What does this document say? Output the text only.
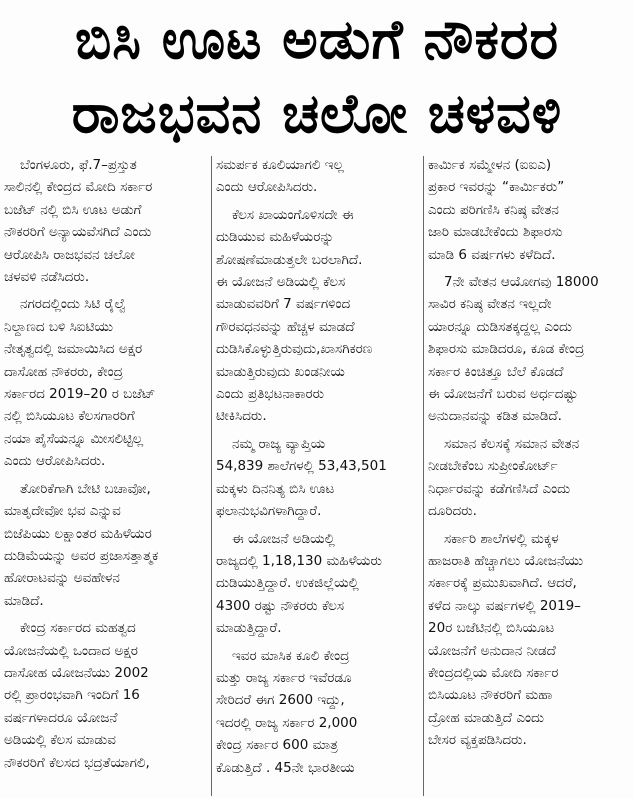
ಬಿಸಿ ಊಟ ಅಡುಗೆ ನೌಕರರ
ರಾಜಭವನ ಚಲೋ ಚಳವಳಿ
ಬೆಂಗಳೂರು, ಫೆ.7–ಪ್ರಸ್ತುತ
ಸಾಲಿನಲ್ಲಿ ಕೇಂದ್ರದ ಮೋದಿ ಸರ್ಕಾರ
ಬಜೆಟ್ ನಲ್ಲಿ ಬಿಸಿ ಊಟ ಅಡುಗೆ
ನೌಕರರಿಗೆ ಅನ್ಯಾಯವೆಸಗಿದೆ ಎಂದು
ಆರೋಪಿಸಿ ರಾಜಭವನ ಚಲೋ
ಚಳವಳಿ ನಡೆಸಿದರು.
ನಗರದಲ್ಲಿಂದು ಸಿಟಿ ರೈಲ್ವೆ
ನಿಲ್ದಾಣದ ಬಳಿ ಸಿಐಟಿಯು
ನೇತೃತ್ವದಲ್ಲಿ ಜಮಾಯಿಸಿದ ಅಕ್ಷರ
ದಾಸೋಹ ನೌಕರರು, ಕೇಂದ್ರ
ಸರ್ಕಾರದ 2019–20 ರ ಬಜೆಟ್
ನಲ್ಲಿ ಬಿಸಿಯೂಟ ಕೆಲಸಗಾರರಿಗೆ
ನಯಾ ಪೈಸೆಯನ್ನೂ ಮೀಸಲಿಟ್ಟಿಲ್ಲ
ಎಂದು ಆರೋಪಿಸಿದರು.
ತೋರಿಕೆಗಾಗಿ ಬೇಟಿ ಬಚಾವೋ,
ಮಾತೃದೇವೋ ಭವ ಎನ್ನುವ
ಬಿಜೆಪಿಯು ಲಕ್ಷಾಂತರ ಮಹಿಳೆಯರ
ದುಡಿಮೆಯನ್ನು ಅವರ ಪ್ರಜಾಸತ್ತಾತ್ಮಕ
ಹೋರಾಟವನ್ನು ಅವಹೇಳನ
ಮಾಡಿದೆ.
ಕೇಂದ್ರ ಸರ್ಕಾರದ ಮಹತ್ವದ
ಯೋಜನೆಯಲ್ಲಿ ಒಂದಾದ ಅಕ್ಷರ
ದಾಸೋಹ ಯೋಜನೆಯು 2002
ರಲ್ಲಿ ಪ್ರಾರಂಭವಾಗಿ ಇಂದಿಗೆ 16
ವರ್ಷಗಳಾದರೂ ಯೋಜನೆ
ಅಡಿಯಲ್ಲಿ ಕೆಲಸ ಮಾಡುವ
ನೌಕರರಿಗೆ ಕೆಲಸದ ಭದ್ರತೆಯಾಗಲಿ,
ಸಮರ್ಪಕ ಕೂಲಿಯಾಗಲಿ ಇಲ್ಲ
ಎಂದು ಆರೋಪಿಸಿದರು.
ಕೆಲಸ ಖಾಯಂಗೊಳಿಸದೇ ಈ
ದುಡಿಯುವ ಮಹಿಳೆಯರನ್ನು
ಶೋಷಣೆಮಾಡುತ್ತಲೇ ಬರಲಾಗಿದೆ.
ಈ ಯೋಜನೆ ಅಡಿಯಲ್ಲಿ ಕೆಲಸ
ಮಾಡುವವರಿಗೆ 7 ವರ್ಷಗಳಿಂದ
ಗೌರವಧನವನ್ನು ಹೆಚ್ಚಳ ಮಾಡದೆ
ದುಡಿಸಿಕೊಳ್ಳುತ್ತಿರುವುದು,ಖಾಸಗಿಕರಣ
ಮಾಡುತ್ತಿರುವುದು ಖಂಡನೀಯ
ಎಂದು ಪ್ರತಿಭಟನಾಕಾರರು
ಟೀಕಿಸಿದರು.
ನಮ್ಮ ರಾಜ್ಯ ವ್ಯಾಪ್ತಿಯ
54,839 ಶಾಲೆಗಳಲ್ಲಿ 53,43,501
ಮಕ್ಕಳು ದಿನನಿತ್ಯ ಬಿಸಿ ಊಟ
ಫಲಾನುಭವಿಗಳಾಗಿದ್ದಾರೆ.
ಈ ಯೋಜನೆ ಅಡಿಯಲ್ಲಿ
ರಾಜ್ಯದಲ್ಲಿ 1,18,130 ಮಹಿಳೆಯರು
ದುಡಿಯುತ್ತಿದ್ದಾರೆ. ಉಕಜಿಲ್ಲೆಯಲ್ಲಿ
4300 ರಷ್ಟು ನೌಕರರು ಕೆಲಸ
ಮಾಡುತ್ತಿದ್ದಾರೆ.
ಇವರ ಮಾಸಿಕ ಕೂಲಿ ಕೇಂದ್ರ
ಮತ್ತು ರಾಜ್ಯ ಸರ್ಕಾರ ಇವೆರಡೂ
ಸೇರಿದರೆ ಈಗ 2600 ಇದ್ದು,
ಇದರಲ್ಲಿ ರಾಜ್ಯ ಸರ್ಕಾರ 2,000
ಕೇಂದ್ರ ಸರ್ಕಾರ 600 ಮಾತ್ರ
ಕೊಡುತ್ತಿದೆ . 45ನೇ ಭಾರತೀಯ
ಕಾರ್ಮಿಕ ಸಮ್ಮೇಳನ (ಐಐಎ)
ಪ್ರಕಾರ ಇವರನ್ನು “ಕಾರ್ಮಿಕರು”
ಎಂದು ಪರಿಗಣಿಸಿ ಕನಿಷ್ಠ ವೇತನ
ಜಾರಿ ಮಾಡಬೇಕೆಂದು ಶಿಫಾರಸು
ಮಾಡಿ 6 ವರ್ಷಗಳು ಕಳೆದಿದೆ.
7ನೇ ವೇತನ ಆಯೋಗವು 18000
ಸಾವಿರ ಕನಿಷ್ಠ ವೇತನ ಇಲ್ಲದೇ
ಯಾರನ್ನೂ ದುಡಿಸತಕ್ಕದ್ದಲ್ಲ ಎಂದು
ಶಿಫಾರಸು ಮಾಡಿದರೂ, ಕೂಡ ಕೇಂದ್ರ
ಸರ್ಕಾರ ಕಿಂಚಿತ್ತೂ ಬೆಲೆ ಕೊಡದೆ
ಈ ಯೋಜನೆಗೆ ಬರುವ ಅರ್ಧದಷ್ಟು
ಅನುದಾನವನ್ನು ಕಡಿತ ಮಾಡಿದೆ.
ಸಮಾನ ಕೆಲಸಕ್ಕೆ ಸಮಾನ ವೇತನ
ನೀಡಬೇಕೆಂಬ ಸುಪ್ರೀಂಕೋರ್ಟ್
ನಿರ್ಧಾರವನ್ನು ಕಡೆಗಣಿಸಿದೆ ಎಂದು
ದೂರಿದರು.
ಸರ್ಕಾರಿ ಶಾಲೆಗಳಲ್ಲಿ ಮಕ್ಕಳ
ಹಾಜರಾತಿ ಹೆಚ್ಚಾಗಲು ಯೋಜನೆಯು
ಸರ್ಕಾರಕ್ಕೆ ಪ್ರಮುಖವಾಗಿದೆ. ಆದರೆ,
ಕಳೆದ ನಾಲ್ಕು ವರ್ಷಗಳಲ್ಲಿ 2019–
20ರ ಬಜೆಟಿನಲ್ಲಿ ಬಿಸಿಯೂಟ
ಯೋಜನೆಗೆ ಅನುದಾನ ನೀಡದೆ
ಕೇಂದ್ರದಲ್ಲಿಯ ಮೋದಿ ಸರ್ಕಾರ
ಬಿಸಿಯೂಟ ನೌಕರರಿಗೆ ಮಹಾ
ದ್ರೋಹ ಮಾಡುತ್ತಿದೆ ಎಂದು
ಬೇಸರ ವ್ಯಕ್ತಪಡಿಸಿದರು.
